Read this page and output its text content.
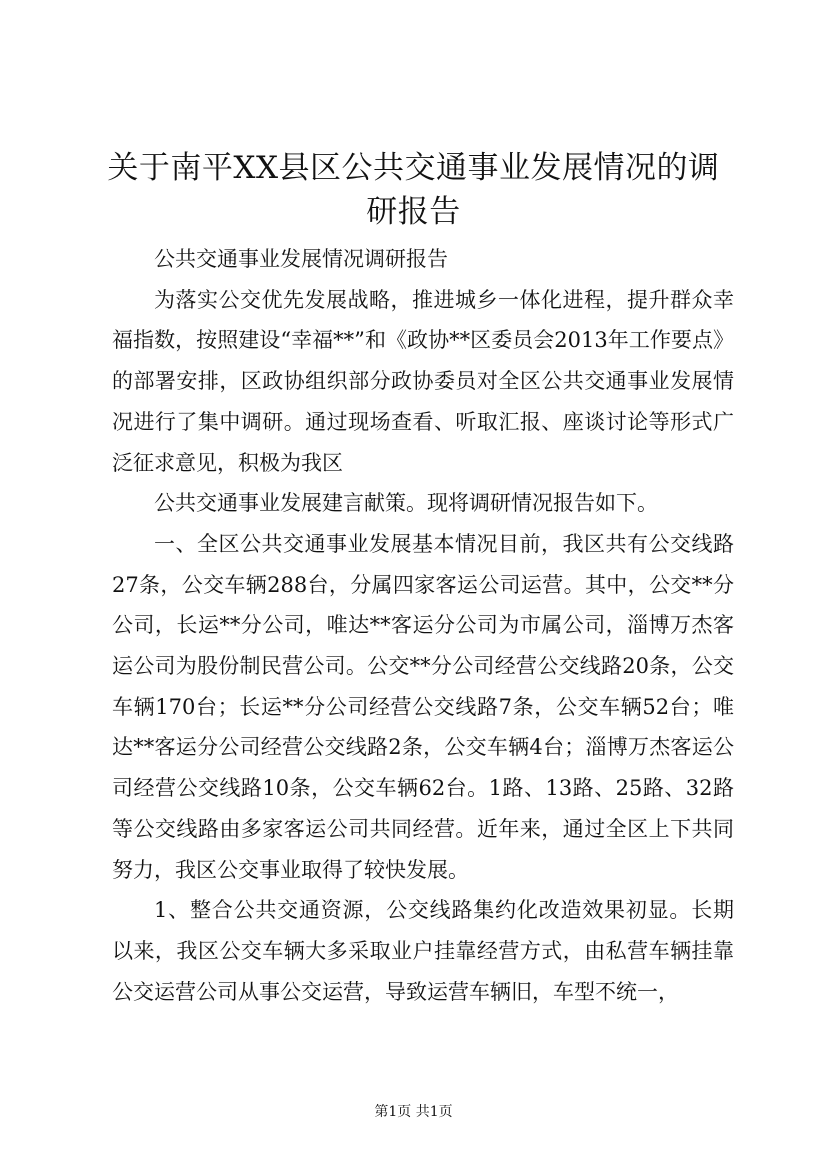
关于南平XX县区公共交通事业发展情况的调研报告

公共交通事业发展情况调研报告

为落实公交优先发展战略，推进城乡一体化进程，提升群众幸福指数，按照建设“幸福**”和《政协**区委员会2013年工作要点》的部署安排，区政协组织部分政协委员对全区公共交通事业发展情况进行了集中调研。通过现场查看、听取汇报、座谈讨论等形式广泛征求意见，积极为我区

公共交通事业发展建言献策。现将调研情况报告如下。

一、全区公共交通事业发展基本情况目前，我区共有公交线路27条，公交车辆288台，分属四家客运公司运营。其中，公交**分公司，长运**分公司，唯达**客运分公司为市属公司，淄博万杰客运公司为股份制民营公司。公交**分公司经营公交线路20条，公交车辆170台；长运**分公司经营公交线路7条，公交车辆52台；唯达**客运分公司经营公交线路2条，公交车辆4台；淄博万杰客运公司经营公交线路10条，公交车辆62台。1路、13路、25路、32路等公交线路由多家客运公司共同经营。近年来，通过全区上下共同努力，我区公交事业取得了较快发展。

1、整合公共交通资源，公交线路集约化改造效果初显。长期以来，我区公交车辆大多采取业户挂靠经营方式，由私营车辆挂靠公交运营公司从事公交运营，导致运营车辆旧，车型不统一，

第1页 共1页
